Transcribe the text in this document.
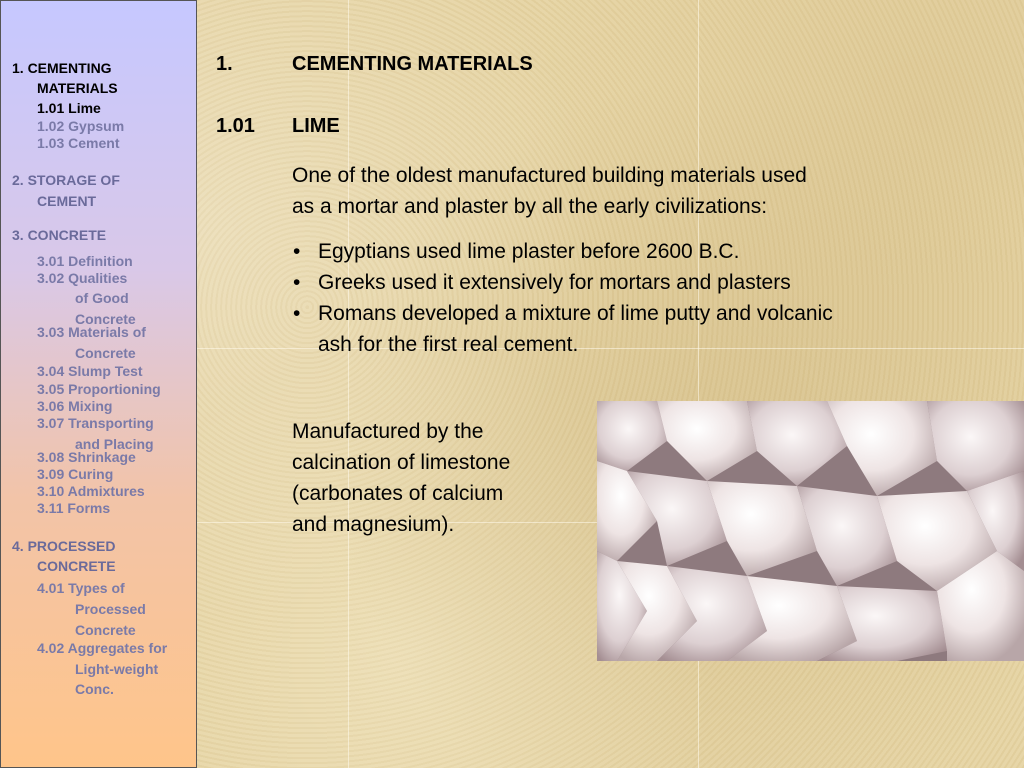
1. CEMENTING
MATERIALS
1.01 Lime
1.02 Gypsum
1.03 Cement
2. STORAGE OF
CEMENT
3. CONCRETE
3.01 Definition
3.02 Qualities
of Good
Concrete
3.03 Materials of
Concrete
3.04 Slump Test
3.05 Proportioning
3.06 Mixing
3.07 Transporting
and Placing
3.08 Shrinkage
3.09 Curing
3.10 Admixtures
3.11 Forms
4. PROCESSED
CONCRETE
4.01 Types of
Processed
Concrete
4.02 Aggregates for
Light-weight
Conc.
1.	CEMENTING MATERIALS
1.01 LIME
One of the oldest manufactured building materials used
as a mortar and plaster by all the early civilizations:
• Egyptians used lime plaster before 2600 B.C.
• Greeks used it extensively for mortars and plasters
• Romans developed a mixture of lime putty and volcanic
ash for the first real cement.
Manufactured by the
calcination of limestone
(carbonates of calcium
and magnesium).
